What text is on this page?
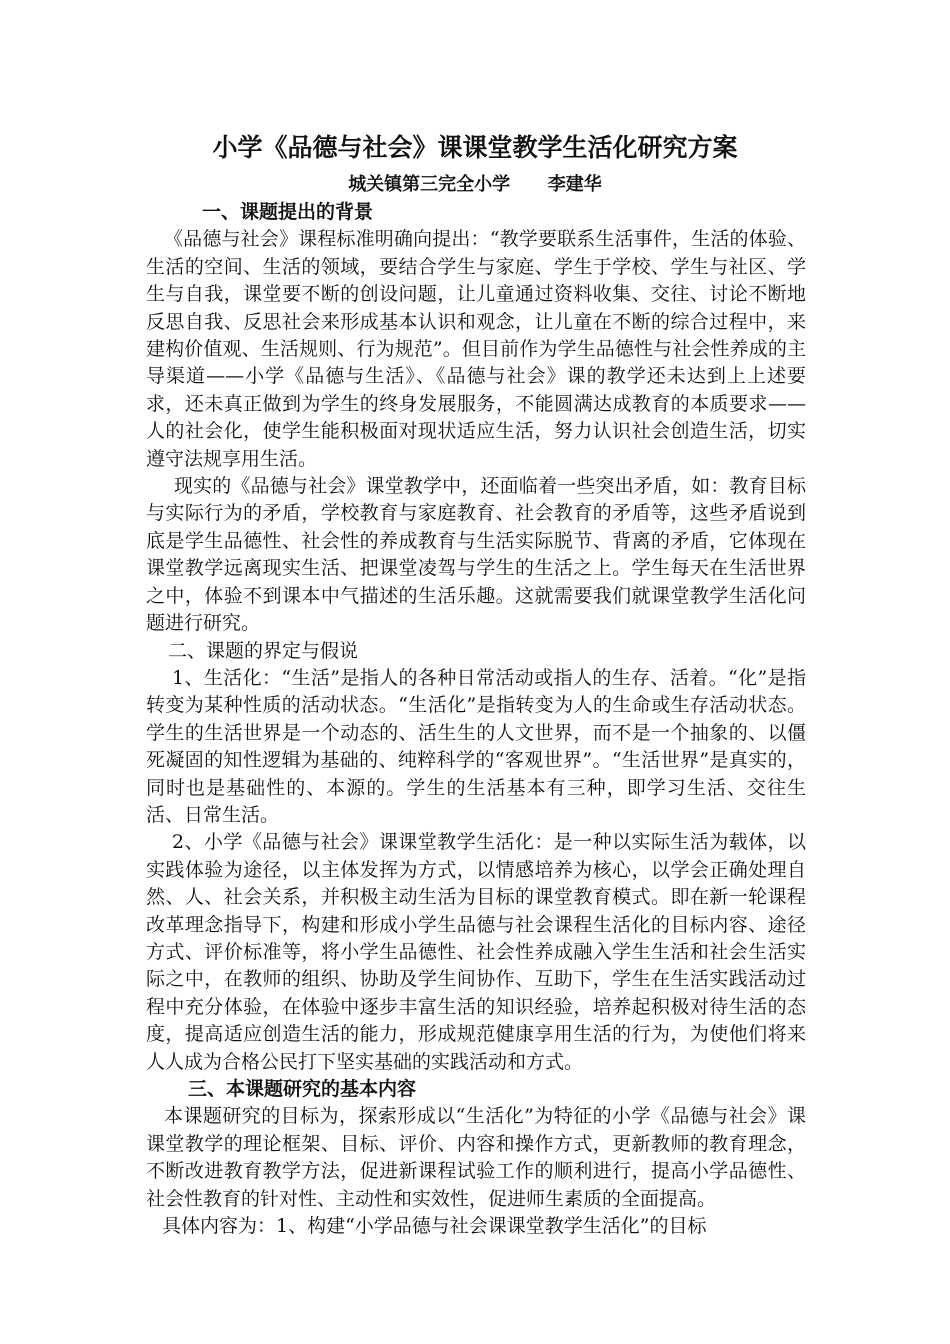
小学《品德与社会》课课堂教学生活化研究方案
城关镇第三完全小学      李建华

一、课题提出的背景

《品德与社会》课程标准明确向提出：“教学要联系生活事件，生活的体验、生活的空间、生活的领域，要结合学生与家庭、学生于学校、学生与社区、学生与自我，课堂要不断的创设问题，让儿童通过资料收集、交往、讨论不断地反思自我、反思社会来形成基本认识和观念，让儿童在不断的综合过程中，来建构价值观、生活规则、行为规范”。但目前作为学生品德性与社会性养成的主导渠道——小学《品德与生活》、《品德与社会》课的教学还未达到上上述要求，还未真正做到为学生的终身发展服务，不能圆满达成教育的本质要求——人的社会化，使学生能积极面对现状适应生活，努力认识社会创造生活，切实遵守法规享用生活。

现实的《品德与社会》课堂教学中，还面临着一些突出矛盾，如：教育目标与实际行为的矛盾，学校教育与家庭教育、社会教育的矛盾等，这些矛盾说到底是学生品德性、社会性的养成教育与生活实际脱节、背离的矛盾，它体现在课堂教学远离现实生活、把课堂凌驾与学生的生活之上。学生每天在生活世界之中，体验不到课本中气描述的生活乐趣。这就需要我们就课堂教学生活化问题进行研究。

二、课题的界定与假说

1、生活化：“生活”是指人的各种日常活动或指人的生存、活着。“化”是指转变为某种性质的活动状态。“生活化”是指转变为人的生命或生存活动状态。学生的生活世界是一个动态的、活生生的人文世界，而不是一个抽象的、以僵死凝固的知性逻辑为基础的、纯粹科学的“客观世界”。“生活世界”是真实的，同时也是基础性的、本源的。学生的生活基本有三种，即学习生活、交往生活、日常生活。

2、小学《品德与社会》课课堂教学生活化：是一种以实际生活为载体，以实践体验为途径，以主体发挥为方式，以情感培养为核心，以学会正确处理自然、人、社会关系，并积极主动生活为目标的课堂教育模式。即在新一轮课程改革理念指导下，构建和形成小学生品德与社会课程生活化的目标内容、途径方式、评价标准等，将小学生品德性、社会性养成融入学生生活和社会生活实际之中，在教师的组织、协助及学生间协作、互助下，学生在生活实践活动过程中充分体验，在体验中逐步丰富生活的知识经验，培养起积极对待生活的态度，提高适应创造生活的能力，形成规范健康享用生活的行为，为使他们将来人人成为合格公民打下坚实基础的实践活动和方式。

三、本课题研究的基本内容

本课题研究的目标为，探索形成以“生活化”为特征的小学《品德与社会》课课堂教学的理论框架、目标、评价、内容和操作方式，更新教师的教育理念，不断改进教育教学方法，促进新课程试验工作的顺利进行，提高小学品德性、社会性教育的针对性、主动性和实效性，促进师生素质的全面提高。

具体内容为：1、构建“小学品德与社会课课堂教学生活化”的目标
